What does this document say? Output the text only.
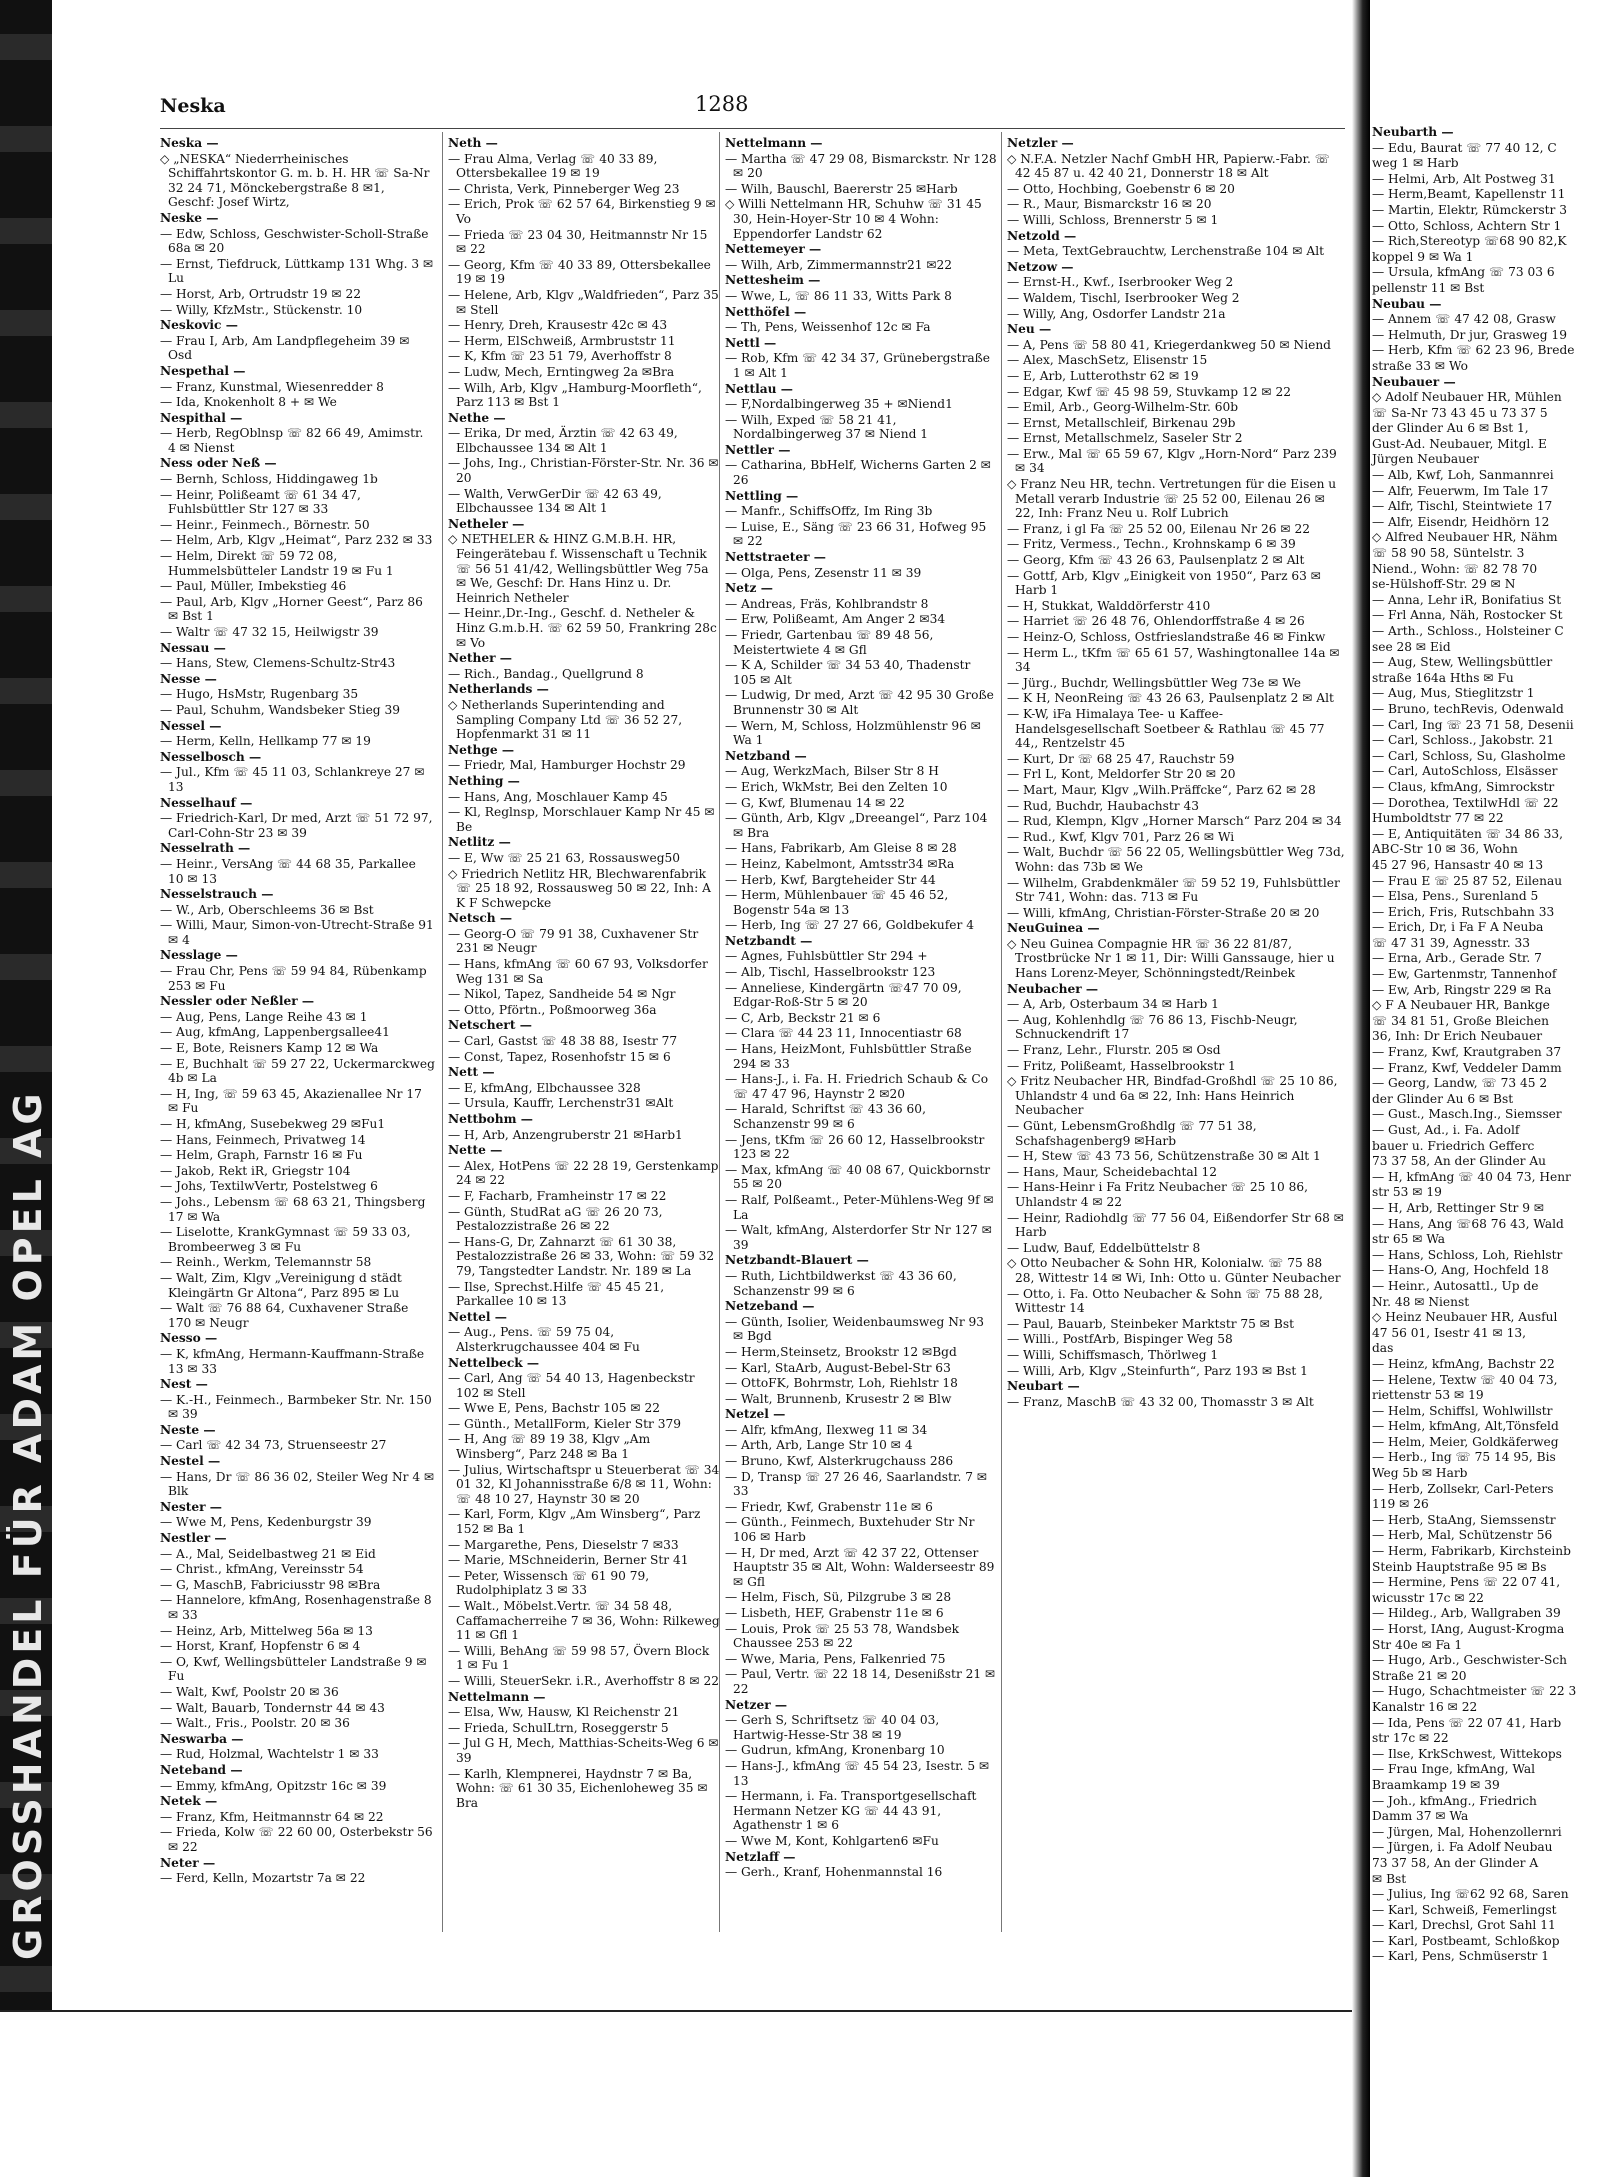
GROSSHANDEL FÜR ADAM OPEL AG
Neska	1288
Neska —
◇ „NESKA“ Niederrheinisches Schiffahrtskontor G. m. b. H. HR ☏ Sa-Nr 32 24 71, Mönckebergstraße 8 ✉1, Geschf: Josef Wirtz,
Neske —
— Edw, Schloss, Geschwister-Scholl-Straße 68a ✉ 20
— Ernst, Tiefdruck, Lüttkamp 131 Whg. 3 ✉ Lu
— Horst, Arb, Ortrudstr 19 ✉ 22
— Willy, KfzMstr., Stückenstr. 10
Neskovic —
— Frau I, Arb, Am Landpflegeheim 39 ✉ Osd
Nespethal —
— Franz, Kunstmal, Wiesenredder 8
— Ida, Knokenholt 8 + ✉ We
Nespithal —
— Herb, RegOblnsp ☏ 82 66 49, Amimstr. 4 ✉ Nienst
Ness oder Neß —
— Bernh, Schloss, Hiddingaweg 1b
— Heinr, Polißeamt ☏ 61 34 47, Fuhlsbüttler Str 127 ✉ 33
— Heinr., Feinmech., Börnestr. 50
— Helm, Arb, Klgv „Heimat“, Parz 232 ✉ 33
— Helm, Direkt ☏ 59 72 08, Hummelsbütteler Landstr 19 ✉ Fu 1
— Paul, Müller, Imbekstieg 46
— Paul, Arb, Klgv „Horner Geest“, Parz 86 ✉ Bst 1
— Waltr ☏ 47 32 15, Heilwigstr 39
Nessau —
— Hans, Stew, Clemens-Schultz-Str43
Nesse —
— Hugo, HsMstr, Rugenbarg 35
— Paul, Schuhm, Wandsbeker Stieg 39
Nessel —
— Herm, Kelln, Hellkamp 77 ✉ 19
Nesselbosch —
— Jul., Kfm ☏ 45 11 03, Schlankreye 27 ✉ 13
Nesselhauf —
— Friedrich-Karl, Dr med, Arzt ☏ 51 72 97, Carl-Cohn-Str 23 ✉ 39
Nesselrath —
— Heinr., VersAng ☏ 44 68 35, Parkallee 10 ✉ 13
Nesselstrauch —
— W., Arb, Oberschleems 36 ✉ Bst
— Willi, Maur, Simon-von-Utrecht-Straße 91 ✉ 4
Nesslage —
— Frau Chr, Pens ☏ 59 94 84, Rübenkamp 253 ✉ Fu
Nessler oder Neßler —
— Aug, Pens, Lange Reihe 43 ✉ 1
— Aug, kfmAng, Lappenbergsallee41
— E, Bote, Reisners Kamp 12 ✉ Wa
— E, Buchhalt ☏ 59 27 22, Uckermarckweg 4b ✉ La
— H, Ing, ☏ 59 63 45, Akazienallee Nr 17 ✉ Fu
— H, kfmAng, Susebekweg 29 ✉Fu1
— Hans, Feinmech, Privatweg 14
— Helm, Graph, Farnstr 16 ✉ Fu
— Jakob, Rekt iR, Griegstr 104
— Johs, TextilwVertr, Postelstweg 6
— Johs., Lebensm ☏ 68 63 21, Thingsberg 17 ✉ Wa
— Liselotte, KrankGymnast ☏ 59 33 03, Brombeerweg 3 ✉ Fu
— Reinh., Werkm, Telemannstr 58
— Walt, Zim, Klgv „Vereinigung d städt Kleingärtn Gr Altona“, Parz 895 ✉ Lu
— Walt ☏ 76 88 64, Cuxhavener Straße 170 ✉ Neugr
Nesso —
— K, kfmAng, Hermann-Kauffmann-Straße 13 ✉ 33
Nest —
— K.-H., Feinmech., Barmbeker Str. Nr. 150 ✉ 39
Neste —
— Carl ☏ 42 34 73, Struenseestr 27
Nestel —
— Hans, Dr ☏ 86 36 02, Steiler Weg Nr 4 ✉ Blk
Nester —
— Wwe M, Pens, Kedenburgstr 39
Nestler —
— A., Mal, Seidelbastweg 21 ✉ Eid
— Christ., kfmAng, Vereinsstr 54
— G, MaschB, Fabriciusstr 98 ✉Bra
— Hannelore, kfmAng, Rosenhagenstraße 8 ✉ 33
— Heinz, Arb, Mittelweg 56a ✉ 13
— Horst, Kranf, Hopfenstr 6 ✉ 4
— O, Kwf, Wellingsbütteler Landstraße 9 ✉ Fu
— Walt, Kwf, Poolstr 20 ✉ 36
— Walt, Bauarb, Tondernstr 44 ✉ 43
— Walt., Fris., Poolstr. 20 ✉ 36
Neswarba —
— Rud, Holzmal, Wachtelstr 1 ✉ 33
Neteband —
— Emmy, kfmAng, Opitzstr 16c ✉ 39
Netek —
— Franz, Kfm, Heitmannstr 64 ✉ 22
— Frieda, Kolw ☏ 22 60 00, Osterbekstr 56 ✉ 22
Neter —
— Ferd, Kelln, Mozartstr 7a ✉ 22
Neth —
— Frau Alma, Verlag ☏ 40 33 89, Ottersbekallee 19 ✉ 19
— Christa, Verk, Pinneberger Weg 23
— Erich, Prok ☏ 62 57 64, Birkenstieg 9 ✉ Vo
— Frieda ☏ 23 04 30, Heitmannstr Nr 15 ✉ 22
— Georg, Kfm ☏ 40 33 89, Ottersbekallee 19 ✉ 19
— Helene, Arb, Klgv „Waldfrieden“, Parz 35 ✉ Stell
— Henry, Dreh, Krausestr 42c ✉ 43
— Herm, ElSchweiß, Armbruststr 11
— K, Kfm ☏ 23 51 79, Averhoffstr 8
— Ludw, Mech, Erntingweg 2a ✉Bra
— Wilh, Arb, Klgv „Hamburg-Moorfleth“, Parz 113 ✉ Bst 1
Nethe —
— Erika, Dr med, Ärztin ☏ 42 63 49, Elbchaussee 134 ✉ Alt 1
— Johs, Ing., Christian-Förster-Str. Nr. 36 ✉ 20
— Walth, VerwGerDir ☏ 42 63 49, Elbchaussee 134 ✉ Alt 1
Netheler —
◇ NETHELER & HINZ G.M.B.H. HR, Feingerätebau f. Wissenschaft u Technik ☏ 56 51 41/42, Wellingsbüttler Weg 75a ✉ We, Geschf: Dr. Hans Hinz u. Dr. Heinrich Netheler
— Heinr.,Dr.-Ing., Geschf. d. Netheler & Hinz G.m.b.H. ☏ 62 59 50, Frankring 28c ✉ Vo
Nether —
— Rich., Bandag., Quellgrund 8
Netherlands —
◇ Netherlands Superintending and Sampling Company Ltd ☏ 36 52 27, Hopfenmarkt 31 ✉ 11
Nethge —
— Friedr, Mal, Hamburger Hochstr 29
Nething —
— Hans, Ang, Moschlauer Kamp 45
— Kl, Reglnsp, Morschlauer Kamp Nr 45 ✉ Be
Netlitz —
— E, Ww ☏ 25 21 63, Rossausweg50
◇ Friedrich Netlitz HR, Blechwarenfabrik ☏ 25 18 92, Rossausweg 50 ✉ 22, Inh: A K F Schwepcke
Netsch —
— Georg-O ☏ 79 91 38, Cuxhavener Str 231 ✉ Neugr
— Hans, kfmAng ☏ 60 67 93, Volksdorfer Weg 131 ✉ Sa
— Nikol, Tapez, Sandheide 54 ✉ Ngr
— Otto, Pförtn., Poßmoorweg 36a
Netschert —
— Carl, Gastst ☏ 48 38 88, Isestr 77
— Const, Tapez, Rosenhofstr 15 ✉ 6
Nett —
— E, kfmAng, Elbchaussee 328
— Ursula, Kauffr, Lerchenstr31 ✉Alt
Nettbohm —
— H, Arb, Anzengruberstr 21 ✉Harb1
Nette —
— Alex, HotPens ☏ 22 28 19, Gerstenkamp 24 ✉ 22
— F, Facharb, Framheinstr 17 ✉ 22
— Günth, StudRat aG ☏ 26 20 73, Pestalozzistraße 26 ✉ 22
— Hans-G, Dr, Zahnarzt ☏ 61 30 38, Pestalozzistraße 26 ✉ 33, Wohn: ☏ 59 32 79, Tangstedter Landstr. Nr. 189 ✉ La
— Ilse, Sprechst.Hilfe ☏ 45 45 21, Parkallee 10 ✉ 13
Nettel —
— Aug., Pens. ☏ 59 75 04, Alsterkrugchaussee 404 ✉ Fu
Nettelbeck —
— Carl, Ang ☏ 54 40 13, Hagenbeckstr 102 ✉ Stell
— Wwe E, Pens, Bachstr 105 ✉ 22
— Günth., MetallForm, Kieler Str 379
— H, Ang ☏ 89 19 38, Klgv „Am Winsberg“, Parz 248 ✉ Ba 1
— Julius, Wirtschaftspr u Steuerberat ☏ 34 01 32, Kl Johannisstraße 6/8 ✉ 11, Wohn: ☏ 48 10 27, Haynstr 30 ✉ 20
— Karl, Form, Klgv „Am Winsberg“, Parz 152 ✉ Ba 1
— Margarethe, Pens, Dieselstr 7 ✉33
— Marie, MSchneiderin, Berner Str 41
— Peter, Wissensch ☏ 61 90 79, Rudolphiplatz 3 ✉ 33
— Walt., Möbelst.Vertr. ☏ 34 58 48, Caffamacherreihe 7 ✉ 36, Wohn: Rilkeweg 11 ✉ Gfl 1
— Willi, BehAng ☏ 59 98 57, Övern Block 1 ✉ Fu 1
— Willi, SteuerSekr. i.R., Averhoffstr 8 ✉ 22
Nettelmann —
— Elsa, Ww, Hausw, Kl Reichenstr 21
— Frieda, SchulLtrn, Roseggerstr 5
— Jul G H, Mech, Matthias-Scheits-Weg 6 ✉ 39
— Karlh, Klempnerei, Haydnstr 7 ✉ Ba, Wohn: ☏ 61 30 35, Eichenloheweg 35 ✉ Bra
Nettelmann —
— Martha ☏ 47 29 08, Bismarckstr. Nr 128 ✉ 20
— Wilh, Bauschl, Baererstr 25 ✉Harb
◇ Willi Nettelmann HR, Schuhw ☏ 31 45 30, Hein-Hoyer-Str 10 ✉ 4 Wohn: Eppendorfer Landstr 62
Nettemeyer —
— Wilh, Arb, Zimmermannstr21 ✉22
Nettesheim —
— Wwe, L, ☏ 86 11 33, Witts Park 8
Netthöfel —
— Th, Pens, Weissenhof 12c ✉ Fa
Nettl —
— Rob, Kfm ☏ 42 34 37, Grünebergstraße 1 ✉ Alt 1
Nettlau —
— F,Nordalbingerweg 35 + ✉Niend1
— Wilh, Exped ☏ 58 21 41, Nordalbingerweg 37 ✉ Niend 1
Nettler —
— Catharina, BbHelf, Wicherns Garten 2 ✉ 26
Nettling —
— Manfr., SchiffsOffz, Im Ring 3b
— Luise, E., Säng ☏ 23 66 31, Hofweg 95 ✉ 22
Nettstraeter —
— Olga, Pens, Zesenstr 11 ✉ 39
Netz —
— Andreas, Fräs, Kohlbrandstr 8
— Erw, Polißeamt, Am Anger 2 ✉34
— Friedr, Gartenbau ☏ 89 48 56, Meistertwiete 4 ✉ Gfl
— K A, Schilder ☏ 34 53 40, Thadenstr 105 ✉ Alt
— Ludwig, Dr med, Arzt ☏ 42 95 30 Große Brunnenstr 30 ✉ Alt
— Wern, M, Schloss, Holzmühlenstr 96 ✉ Wa 1
Netzband —
— Aug, WerkzMach, Bilser Str 8 H
— Erich, WkMstr, Bei den Zelten 10
— G, Kwf, Blumenau 14 ✉ 22
— Günth, Arb, Klgv „Dreeangel“, Parz 104 ✉ Bra
— Hans, Fabrikarb, Am Gleise 8 ✉ 28
— Heinz, Kabelmont, Amtsstr34 ✉Ra
— Herb, Kwf, Bargteheider Str 44
— Herm, Mühlenbauer ☏ 45 46 52, Bogenstr 54a ✉ 13
— Herb, Ing ☏ 27 27 66, Goldbekufer 4
Netzbandt —
— Agnes, Fuhlsbüttler Str 294 +
— Alb, Tischl, Hasselbrookstr 123
— Anneliese, Kindergärtn ☏47 70 09, Edgar-Roß-Str 5 ✉ 20
— C, Arb, Beckstr 21 ✉ 6
— Clara ☏ 44 23 11, Innocentiastr 68
— Hans, HeizMont, Fuhlsbüttler Straße 294 ✉ 33
— Hans-J., i. Fa. H. Friedrich Schaub & Co ☏ 47 47 96, Haynstr 2 ✉20
— Harald, Schriftst ☏ 43 36 60, Schanzenstr 99 ✉ 6
— Jens, tKfm ☏ 26 60 12, Hasselbrookstr 123 ✉ 22
— Max, kfmAng ☏ 40 08 67, Quickbornstr 55 ✉ 20
— Ralf, Polßeamt., Peter-Mühlens-Weg 9f ✉ La
— Walt, kfmAng, Alsterdorfer Str Nr 127 ✉ 39
Netzbandt-Blauert —
— Ruth, Lichtbildwerkst ☏ 43 36 60, Schanzenstr 99 ✉ 6
Netzeband —
— Günth, Isolier, Weidenbaumsweg Nr 93 ✉ Bgd
— Herm,Steinsetz, Brookstr 12 ✉Bgd
— Karl, StaArb, August-Bebel-Str 63
— OttoFK, Bohrmstr, Loh, Riehlstr 18
— Walt, Brunnenb, Krusestr 2 ✉ Blw
Netzel —
— Alfr, kfmAng, Ilexweg 11 ✉ 34
— Arth, Arb, Lange Str 10 ✉ 4
— Bruno, Kwf, Alsterkrugchauss 286
— D, Transp ☏ 27 26 46, Saarlandstr. 7 ✉ 33
— Friedr, Kwf, Grabenstr 11e ✉ 6
— Günth., Feinmech, Buxtehuder Str Nr 106 ✉ Harb
— H, Dr med, Arzt ☏ 42 37 22, Ottenser Hauptstr 35 ✉ Alt, Wohn: Walderseestr 89 ✉ Gfl
— Helm, Fisch, Sü, Pilzgrube 3 ✉ 28
— Lisbeth, HEF, Grabenstr 11e ✉ 6
— Louis, Prok ☏ 25 53 78, Wandsbek Chaussee 253 ✉ 22
— Wwe, Maria, Pens, Falkenried 75
— Paul, Vertr. ☏ 22 18 14, Desenißstr 21 ✉ 22
Netzer —
— Gerh S, Schriftsetz ☏ 40 04 03, Hartwig-Hesse-Str 38 ✉ 19
— Gudrun, kfmAng, Kronenbarg 10
— Hans-J., kfmAng ☏ 45 54 23, Isestr. 5 ✉ 13
— Hermann, i. Fa. Transportgesellschaft Hermann Netzer KG ☏ 44 43 91, Agathenstr 1 ✉ 6
— Wwe M, Kont, Kohlgarten6 ✉Fu
Netzlaff —
— Gerh., Kranf, Hohenmannstal 16
Netzler —
◇ N.F.A. Netzler Nachf GmbH HR, Papierw.-Fabr. ☏ 42 45 87 u. 42 40 21, Donnerstr 18 ✉ Alt
— Otto, Hochbing, Goebenstr 6 ✉ 20
— R., Maur, Bismarckstr 16 ✉ 20
— Willi, Schloss, Brennerstr 5 ✉ 1
Netzold —
— Meta, TextGebrauchtw, Lerchenstraße 104 ✉ Alt
Netzow —
— Ernst-H., Kwf., Iserbrooker Weg 2
— Waldem, Tischl, Iserbrooker Weg 2
— Willy, Ang, Osdorfer Landstr 21a
Neu —
— A, Pens ☏ 58 80 41, Kriegerdankweg 50 ✉ Niend
— Alex, MaschSetz, Elisenstr 15
— E, Arb, Lutterothstr 62 ✉ 19
— Edgar, Kwf ☏ 45 98 59, Stuvkamp 12 ✉ 22
— Emil, Arb., Georg-Wilhelm-Str. 60b
— Ernst, Metallschleif, Birkenau 29b
— Ernst, Metallschmelz, Saseler Str 2
— Erw., Mal ☏ 65 59 67, Klgv „Horn-Nord“ Parz 239 ✉ 34
◇ Franz Neu HR, techn. Vertretungen für die Eisen u Metall verarb Industrie ☏ 25 52 00, Eilenau 26 ✉ 22, Inh: Franz Neu u. Rolf Lubrich
— Franz, i gl Fa ☏ 25 52 00, Eilenau Nr 26 ✉ 22
— Fritz, Vermess., Techn., Krohnskamp 6 ✉ 39
— Georg, Kfm ☏ 43 26 63, Paulsenplatz 2 ✉ Alt
— Gottf, Arb, Klgv „Einigkeit von 1950“, Parz 63 ✉ Harb 1
— H, Stukkat, Walddörferstr 410
— Harriet ☏ 26 48 76, Ohlendorffstraße 4 ✉ 26
— Heinz-O, Schloss, Ostfrieslandstraße 46 ✉ Finkw
— Herm L., tKfm ☏ 65 61 57, Washingtonallee 14a ✉ 34
— Jürg., Buchdr, Wellingsbüttler Weg 73e ✉ We
— K H, NeonReing ☏ 43 26 63, Paulsenplatz 2 ✉ Alt
— K-W, iFa Himalaya Tee- u Kaffee-Handelsgesellschaft Soetbeer & Rathlau ☏ 45 77 44,, Rentzelstr 45
— Kurt, Dr ☏ 68 25 47, Rauchstr 59
— Frl L, Kont, Meldorfer Str 20 ✉ 20
— Mart, Maur, Klgv „Wilh.Präffcke“, Parz 62 ✉ 28
— Rud, Buchdr, Haubachstr 43
— Rud, Klempn, Klgv „Horner Marsch“ Parz 204 ✉ 34
— Rud., Kwf, Klgv 701, Parz 26 ✉ Wi
— Walt, Buchdr ☏ 56 22 05, Wellingsbüttler Weg 73d, Wohn: das 73b ✉ We
— Wilhelm, Grabdenkmäler ☏ 59 52 19, Fuhlsbüttler Str 741, Wohn: das. 713 ✉ Fu
— Willi, kfmAng, Christian-Förster-Straße 20 ✉ 20
NeuGuinea —
◇ Neu Guinea Compagnie HR ☏ 36 22 81/87, Trostbrücke Nr 1 ✉ 11, Dir: Willi Ganssauge, hier u Hans Lorenz-Meyer, Schönningstedt/Reinbek
Neubacher —
— A, Arb, Osterbaum 34 ✉ Harb 1
— Aug, Kohlenhdlg ☏ 76 86 13, Fischb-Neugr, Schnuckendrift 17
— Franz, Lehr., Flurstr. 205 ✉ Osd
— Fritz, Polißeamt, Hasselbrookstr 1
◇ Fritz Neubacher HR, Bindfad-Großhdl ☏ 25 10 86, Uhlandstr 4 und 6a ✉ 22, Inh: Hans Heinrich Neubacher
— Günt, LebensmGroßhdlg ☏ 77 51 38, Schafshagenberg9 ✉Harb
— H, Stew ☏ 43 73 56, Schützenstraße 30 ✉ Alt 1
— Hans, Maur, Scheidebachtal 12
— Hans-Heinr i Fa Fritz Neubacher ☏ 25 10 86, Uhlandstr 4 ✉ 22
— Heinr, Radiohdlg ☏ 77 56 04, Eißendorfer Str 68 ✉ Harb
— Ludw, Bauf, Eddelbüttelstr 8
◇ Otto Neubacher & Sohn HR, Kolonialw. ☏ 75 88 28, Wittestr 14 ✉ Wi, Inh: Otto u. Günter Neubacher
— Otto, i. Fa. Otto Neubacher & Sohn ☏ 75 88 28, Wittestr 14
— Paul, Bauarb, Steinbeker Marktstr 75 ✉ Bst
— Willi., PostfArb, Bispinger Weg 58
— Willi, Schiffsmasch, Thörlweg 1
— Willi, Arb, Klgv „Steinfurth“, Parz 193 ✉ Bst 1
Neubart —
— Franz, MaschB ☏ 43 32 00, Thomasstr 3 ✉ Alt
Neubarth —
— Edu, Baurat ☏ 77 40 12, C
weg 1 ✉ Harb
— Helmi, Arb, Alt Postweg 31
— Herm,Beamt, Kapellenstr 11
— Martin, Elektr, Rümckerstr 3
— Otto, Schloss, Achtern Str 1
— Rich,Stereotyp ☏68 90 82,K
koppel 9 ✉ Wa 1
— Ursula, kfmAng ☏ 73 03 6
pellenstr 11 ✉ Bst
Neubau —
— Annem ☏ 47 42 08, Grasw
— Helmuth, Dr jur, Grasweg 19
— Herb, Kfm ☏ 62 23 96, Brede
straße 33 ✉ Wo
Neubauer —
◇ Adolf Neubauer HR, Mühlen
☏ Sa-Nr 73 43 45 u 73 37 5
der Glinder Au 6 ✉ Bst 1,
Gust-Ad. Neubauer, Mitgl. E
Jürgen Neubauer
— Alb, Kwf, Loh, Sanmannrei
— Alfr, Feuerwm, Im Tale 17
— Alfr, Tischl, Steintwiete 17
— Alfr, Eisendr, Heidhörn 12
◇ Alfred Neubauer HR, Nähm
☏ 58 90 58, Süntelstr. 3
Niend., Wohn: ☏ 82 78 70
se-Hülshoff-Str. 29 ✉ N
— Anna, Lehr iR, Bonifatius St
— Frl Anna, Näh, Rostocker St
— Arth., Schloss., Holsteiner C
see 28 ✉ Eid
— Aug, Stew, Wellingsbüttler
straße 164a Hths ✉ Fu
— Aug, Mus, Stieglitzstr 1
— Bruno, techRevis, Odenwald
— Carl, Ing ☏ 23 71 58, Desenii
— Carl, Schloss., Jakobstr. 21
— Carl, Schloss, Su, Glasholme
— Carl, AutoSchloss, Elsässer
— Claus, kfmAng, Simrockstr
— Dorothea, TextilwHdl ☏ 22
Humboldtstr 77 ✉ 22
— E, Antiquitäten ☏ 34 86 33,
ABC-Str 10 ✉ 36, Wohn
45 27 96, Hansastr 40 ✉ 13
— Frau E ☏ 25 87 52, Eilenau
— Elsa, Pens., Surenland 5
— Erich, Fris, Rutschbahn 33
— Erich, Dr, i Fa F A Neuba
☏ 47 31 39, Agnesstr. 33
— Erna, Arb., Gerade Str. 7
— Ew, Gartenmstr, Tannenhof
— Ew, Arb, Ringstr 229 ✉ Ra
◇ F A Neubauer HR, Bankge
☏ 34 81 51, Große Bleichen
36, Inh: Dr Erich Neubauer
— Franz, Kwf, Krautgraben 37
— Franz, Kwf, Veddeler Damm
— Georg, Landw, ☏ 73 45 2
der Glinder Au 6 ✉ Bst
— Gust., Masch.Ing., Siemsser
— Gust, Ad., i. Fa. Adolf
bauer u. Friedrich Gefferc
73 37 58, An der Glinder Au
— H, kfmAng ☏ 40 04 73, Henr
str 53 ✉ 19
— H, Arb, Rettinger Str 9 ✉
— Hans, Ang ☏68 76 43, Wald
str 65 ✉ Wa
— Hans, Schloss, Loh, Riehlstr
— Hans-O, Ang, Hochfeld 18
— Heinr., Autosattl., Up de
Nr. 48 ✉ Nienst
◇ Heinz Neubauer HR, Ausful
47 56 01, Isestr 41 ✉ 13,
das
— Heinz, kfmAng, Bachstr 22
— Helene, Textw ☏ 40 04 73,
riettenstr 53 ✉ 19
— Helm, Schiffsl, Wohlwillstr
— Helm, kfmAng, Alt,Tönsfeld
— Helm, Meier, Goldkäferweg
— Herb., Ing ☏ 75 14 95, Bis
Weg 5b ✉ Harb
— Herb, Zollsekr, Carl-Peters
119 ✉ 26
— Herb, StaAng, Siemssenstr
— Herb, Mal, Schützenstr 56
— Herm, Fabrikarb, Kirchsteinb
Steinb Hauptstraße 95 ✉ Bs
— Hermine, Pens ☏ 22 07 41,
wicusstr 17c ✉ 22
— Hildeg., Arb, Wallgraben 39
— Horst, IAng, August-Krogma
Str 40e ✉ Fa 1
— Hugo, Arb., Geschwister-Sch
Straße 21 ✉ 20
— Hugo, Schachtmeister ☏ 22 3
Kanalstr 16 ✉ 22
— Ida, Pens ☏ 22 07 41, Harb
str 17c ✉ 22
— Ilse, KrkSchwest, Wittekops
— Frau Inge, kfmAng, Wal
Braamkamp 19 ✉ 39
— Joh., kfmAng., Friedrich
Damm 37 ✉ Wa
— Jürgen, Mal, Hohenzollernri
— Jürgen, i. Fa Adolf Neubau
73 37 58, An der Glinder A
✉ Bst
— Julius, Ing ☏62 92 68, Saren
— Karl, Schweiß, Femerlingst
— Karl, Drechsl, Grot Sahl 11
— Karl, Postbeamt, Schloßkop
— Karl, Pens, Schmüserstr 1
